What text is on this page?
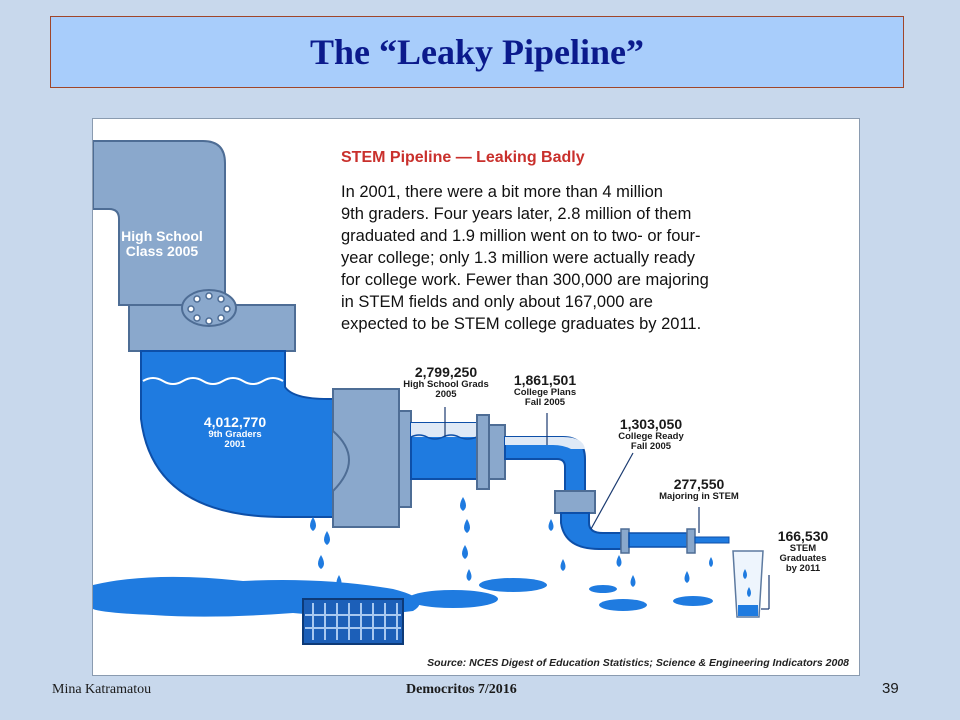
The “Leaky Pipeline”
High School
Class 2005
STEM Pipeline — Leaking Badly
In 2001, there were a bit more than 4 million
9th graders. Four years later, 2.8 million of them
graduated and 1.9 million went on to two- or four-
year college; only 1.3 million were actually ready
for college work. Fewer than 300,000 are majoring
in STEM fields and only about 167,000 are
expected to be STEM college graduates by 2011.
4,012,770
9th Graders
2001
2,799,250
High School Grads
2005
1,861,501
College Plans
Fall 2005
1,303,050
College Ready
Fall 2005
277,550
Majoring in STEM
166,530
STEM
Graduates
by 2011
Source: NCES Digest of Education Statistics; Science & Engineering Indicators 2008
Mina Katramatou	Democritos 7/2016	39
